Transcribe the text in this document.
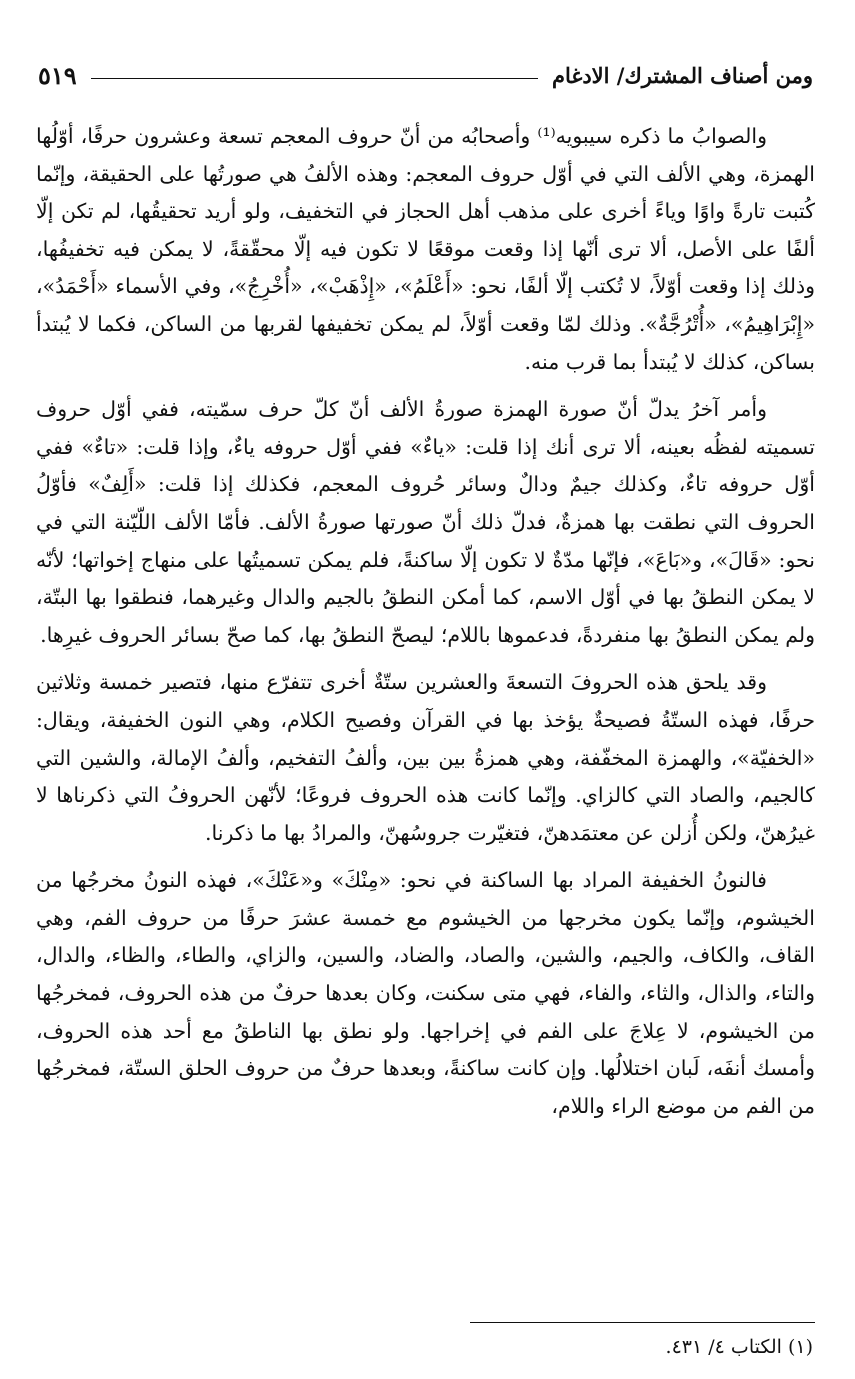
ومن أصناف المشترك/ الادغام
٥١٩

والصوابُ ما ذكره سيبويه⁽¹⁾ وأصحابُه من أنّ حروف المعجم تسعة وعشرون حرفًا، أوّلُها الهمزة، وهي الألف التي في أوّل حروف المعجم: وهذه الألفُ هي صورتُها على الحقيقة، وإنّما كُتبت تارةً واوًا وياءً أخرى على مذهب أهل الحجاز في التخفيف، ولو أريد تحقيقُها، لم تكن إلّا ألفًا على الأصل، ألا ترى أنّها إذا وقعت موقعًا لا تكون فيه إلّا محقّقةً، لا يمكن فيه تخفيفُها، وذلك إذا وقعت أوّلاً، لا تُكتب إلّا ألفًا، نحو: «أَعْلَمُ»، «إِذْهَبْ»، «أُخْرِجُ»، وفي الأسماء «أَحْمَدُ»، «إِبْرَاهِيمُ»، «أُتْرُجَّةٌ». وذلك لمّا وقعت أوّلاً، لم يمكن تخفيفها لقربها من الساكن، فكما لا يُبتدأ بساكن، كذلك لا يُبتدأ بما قرب منه.

وأمر آخرُ يدلّ أنّ صورة الهمزة صورةُ الألف أنّ كلّ حرف سمّيته، ففي أوّل حروف تسميته لفظُه بعينه، ألا ترى أنك إذا قلت: «ياءٌ» ففي أوّل حروفه ياءٌ، وإذا قلت: «تاءٌ» ففي أوّل حروفه تاءٌ، وكذلك جيمٌ ودالٌ وسائر حُروف المعجم، فكذلك إذا قلت: «أَلِفٌ» فأوّلُ الحروف التي نطقت بها همزةٌ، فدلّ ذلك أنّ صورتها صورةُ الألف. فأمّا الألف اللّيّنة التي في نحو: «قَالَ»، و«بَاعَ»، فإنّها مدّةٌ لا تكون إلّا ساكنةً، فلم يمكن تسميتُها على منهاج إخواتها؛ لأنّه لا يمكن النطقُ بها في أوّل الاسم، كما أمكن النطقُ بالجيم والدال وغيرهما، فنطقوا بها البتّة، ولم يمكن النطقُ بها منفردةً، فدعموها باللام؛ ليصحّ النطقُ بها، كما صحّ بسائر الحروف غيرِها.

وقد يلحق هذه الحروفَ التسعةَ والعشرين ستّةٌ أخرى تتفرّع منها، فتصير خمسة وثلاثين حرفًا، فهذه الستّةُ فصيحةٌ يؤخذ بها في القرآن وفصيح الكلام، وهي النون الخفيفة، ويقال: «الخفيّة»، والهمزة المخفّفة، وهي همزةُ بين بين، وألفُ التفخيم، وألفُ الإمالة، والشين التي كالجيم، والصاد التي كالزاي. وإنّما كانت هذه الحروف فروعًا؛ لأنّهن الحروفُ التي ذكرناها لا غيرُهنّ، ولكن أُزلن عن معتمَدهنّ، فتغيّرت جروسُهنّ، والمرادُ بها ما ذكرنا.

فالنونُ الخفيفة المراد بها الساكنة في نحو: «مِنْكَ» و«عَنْكَ»، فهذه النونُ مخرجُها من الخيشوم، وإنّما يكون مخرجها من الخيشوم مع خمسة عشرَ حرفًا من حروف الفم، وهي القاف، والكاف، والجيم، والشين، والصاد، والضاد، والسين، والزاي، والطاء، والظاء، والدال، والتاء، والذال، والثاء، والفاء، فهي متى سكنت، وكان بعدها حرفٌ من هذه الحروف، فمخرجُها من الخيشوم، لا عِلاجَ على الفم في إخراجها. ولو نطق بها الناطقُ مع أحد هذه الحروف، وأمسك أنفَه، لَبان اختلالُها. وإن كانت ساكنةً، وبعدها حرفٌ من حروف الحلق الستّة، فمخرجُها من الفم من موضع الراء واللام،

(١) الكتاب ٤/ ٤٣١.
